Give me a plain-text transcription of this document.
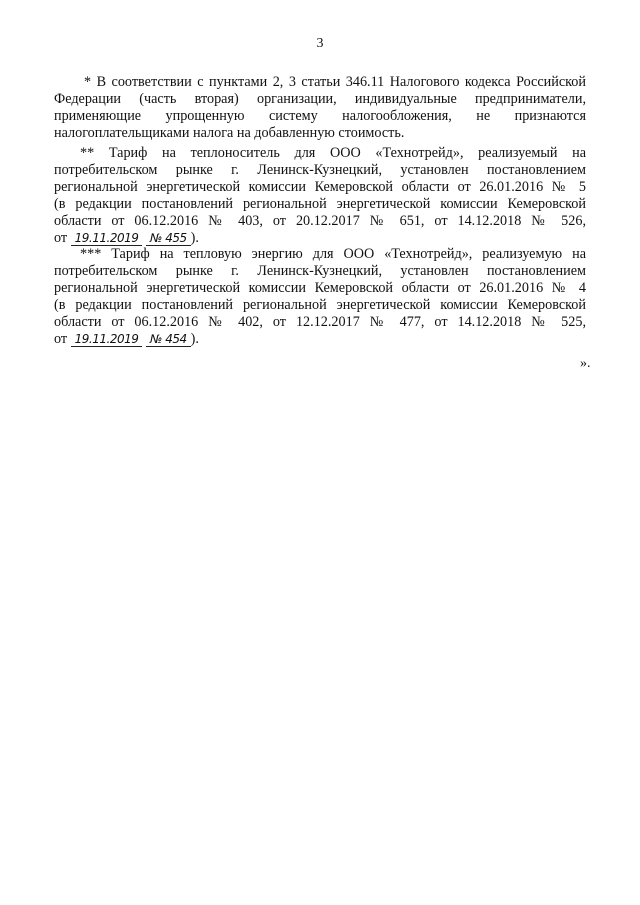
3
* В соответствии с пунктами 2, 3 статьи 346.11 Налогового кодекса Российской
Федерации (часть вторая) организации, индивидуальные предприниматели,
применяющие упрощенную систему налогообложения, не признаются
налогоплательщиками налога на добавленную стоимость.
** Тариф на теплоноситель для ООО «Технотрейд», реализуемый на
потребительском рынке г. Ленинск-Кузнецкий, установлен постановлением
региональной энергетической комиссии Кемеровской области от 26.01.2016 № 5
(в редакции постановлений региональной энергетической комиссии Кемеровской
области от 06.12.2016 № 403, от 20.12.2017 № 651, от 14.12.2018 № 526,
от 19.11.2019 № 455 ).
*** Тариф на тепловую энергию для ООО «Технотрейд», реализуемую на
потребительском рынке г. Ленинск-Кузнецкий, установлен постановлением
региональной энергетической комиссии Кемеровской области от 26.01.2016 № 4
(в редакции постановлений региональной энергетической комиссии Кемеровской
области от 06.12.2016 № 402, от 12.12.2017 № 477, от 14.12.2018 № 525,
от 19.11.2019 № 454 ).
».
